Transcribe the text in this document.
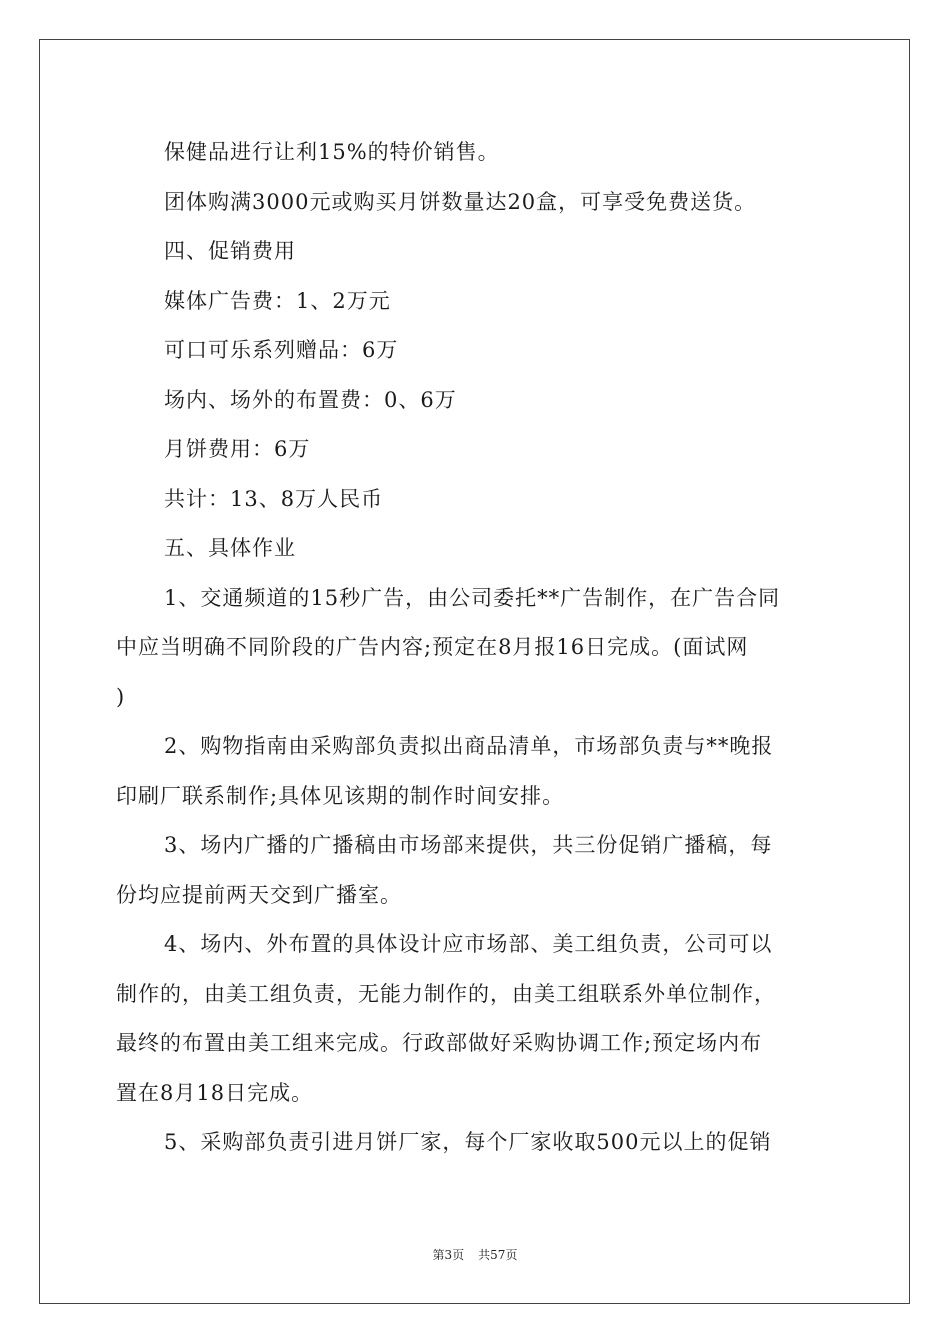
保健品进行让利15%的特价销售。
团体购满3000元或购买月饼数量达20盒，可享受免费送货。
四、促销费用
媒体广告费：1、2万元
可口可乐系列赠品：6万
场内、场外的布置费：0、6万
月饼费用：6万
共计：13、8万人民币
五、具体作业
1、交通频道的15秒广告，由公司委托**广告制作，在广告合同
中应当明确不同阶段的广告内容;预定在8月报16日完成。(面试网
)
2、购物指南由采购部负责拟出商品清单，市场部负责与**晚报
印刷厂联系制作;具体见该期的制作时间安排。
3、场内广播的广播稿由市场部来提供，共三份促销广播稿，每
份均应提前两天交到广播室。
4、场内、外布置的具体设计应市场部、美工组负责，公司可以
制作的，由美工组负责，无能力制作的，由美工组联系外单位制作，
最终的布置由美工组来完成。行政部做好采购协调工作;预定场内布
置在8月18日完成。
5、采购部负责引进月饼厂家，每个厂家收取500元以上的促销
第3页 共57页
